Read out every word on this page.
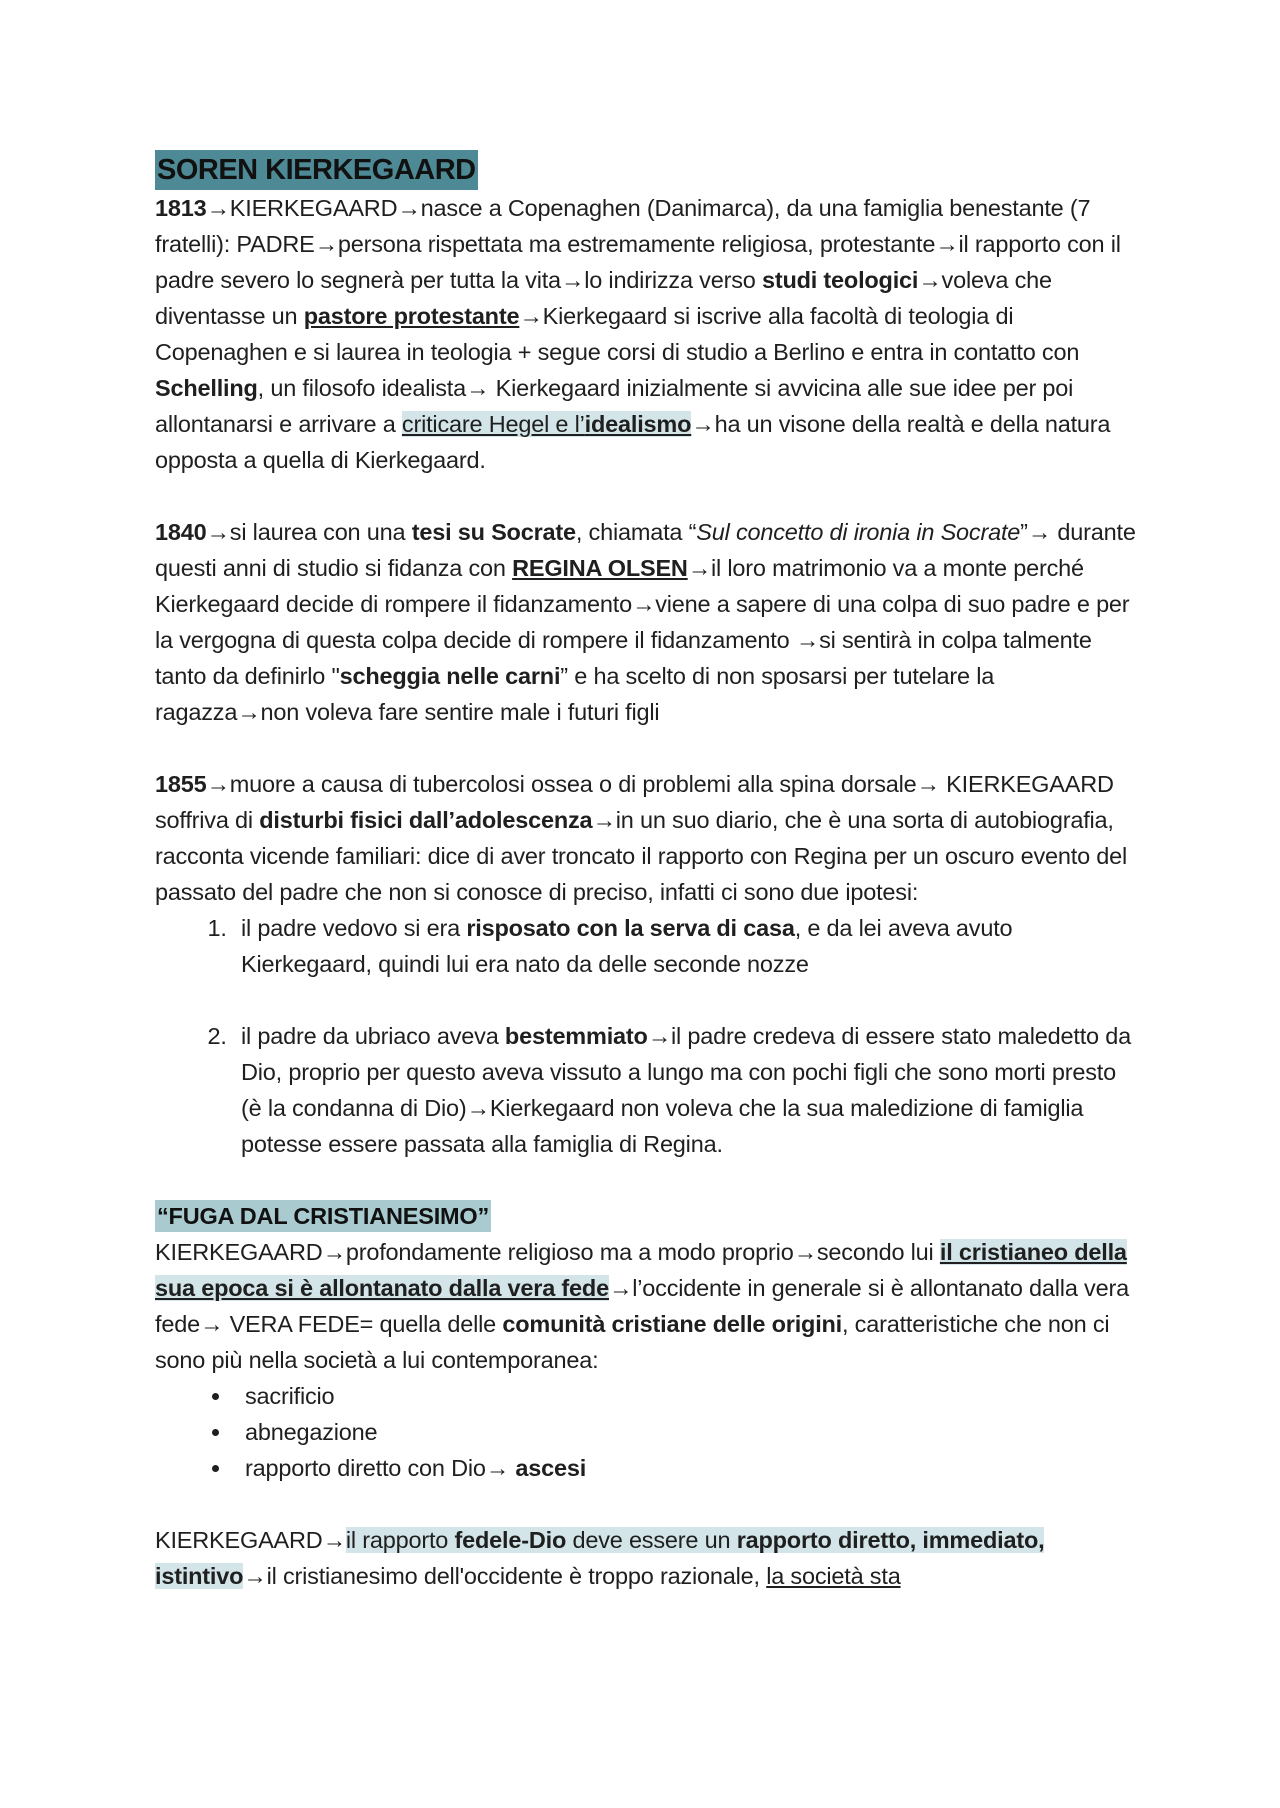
SOREN KIERKEGAARD

1813→KIERKEGAARD→nasce a Copenaghen (Danimarca), da una famiglia benestante (7 fratelli): PADRE→persona rispettata ma estremamente religiosa, protestante→il rapporto con il padre severo lo segnerà per tutta la vita→lo indirizza verso studi teologici→voleva che diventasse un pastore protestante→Kierkegaard si iscrive alla facoltà di teologia di Copenaghen e si laurea in teologia + segue corsi di studio a Berlino e entra in contatto con Schelling, un filosofo idealista→ Kierkegaard inizialmente si avvicina alle sue idee per poi allontanarsi e arrivare a criticare Hegel e l’idealismo→ha un visone della realtà e della natura opposta a quella di Kierkegaard.

1840→si laurea con una tesi su Socrate, chiamata “Sul concetto di ironia in Socrate”→ durante questi anni di studio si fidanza con REGINA OLSEN→il loro matrimonio va a monte perché Kierkegaard decide di rompere il fidanzamento→viene a sapere di una colpa di suo padre e per la vergogna di questa colpa decide di rompere il fidanzamento →si sentirà in colpa talmente tanto da definirlo "scheggia nelle carni” e ha scelto di non sposarsi per tutelare la ragazza→non voleva fare sentire male i futuri figli

1855→muore a causa di tubercolosi ossea o di problemi alla spina dorsale→ KIERKEGAARD soffriva di disturbi fisici dall’adolescenza→in un suo diario, che è una sorta di autobiografia, racconta vicende familiari: dice di aver troncato il rapporto con Regina per un oscuro evento del passato del padre che non si conosce di preciso, infatti ci sono due ipotesi:

1. il padre vedovo si era risposato con la serva di casa, e da lei aveva avuto Kierkegaard, quindi lui era nato da delle seconde nozze
2. il padre da ubriaco aveva bestemmiato→il padre credeva di essere stato maledetto da Dio, proprio per questo aveva vissuto a lungo ma con pochi figli che sono morti presto (è la condanna di Dio)→Kierkegaard non voleva che la sua maledizione di famiglia potesse essere passata alla famiglia di Regina.
“FUGA DAL CRISTIANESIMO”

KIERKEGAARD→profondamente religioso ma a modo proprio→secondo lui il cristianeo della sua epoca si è allontanato dalla vera fede→l’occidente in generale si è allontanato dalla vera fede→ VERA FEDE= quella delle comunità cristiane delle origini, caratteristiche che non ci sono più nella società a lui contemporanea:

• sacrificio
• abnegazione
• rapporto diretto con Dio→ ascesi

KIERKEGAARD→il rapporto fedele-Dio deve essere un rapporto diretto, immediato, istintivo→il cristianesimo dell'occidente è troppo razionale, la società sta
